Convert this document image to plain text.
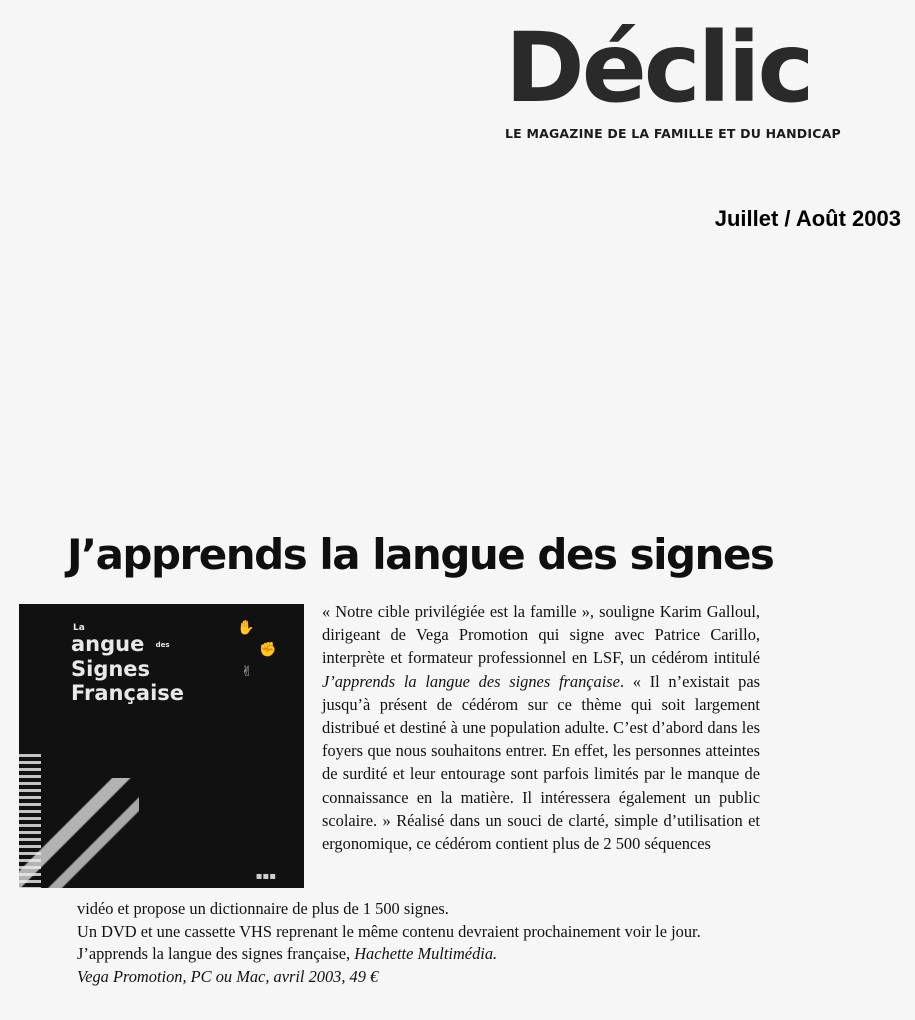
Déclic
LE MAGAZINE DE LA FAMILLE ET DU HANDICAP
Juillet / Août 2003
J’apprends la langue des signes
La
angue des
Signes
Française
✋
✊
✌
▪▪▪

« Notre cible privilégiée est la famille », souligne Karim Galloul, dirigeant de Vega Promotion qui signe avec Patrice Carillo, interprète et formateur professionnel en LSF, un cédérom intitulé J’apprends la langue des signes française. « Il n’existait pas jusqu’à présent de cédérom sur ce thème qui soit largement distribué et destiné à une population adulte. C’est d’abord dans les foyers que nous souhaitons entrer. En effet, les personnes atteintes de surdité et leur entourage sont parfois limités par le manque de connaissance en la matière. Il intéressera également un public scolaire. » Réalisé dans un souci de clarté, simple d’utilisation et ergonomique, ce cédérom contient plus de 2 500 séquences

vidéo et propose un dictionnaire de plus de 1 500 signes.

Un DVD et une cassette VHS reprenant le même contenu devraient prochainement voir le jour.

J’apprends la langue des signes française, Hachette Multimédia.

Vega Promotion, PC ou Mac, avril 2003, 49 €
